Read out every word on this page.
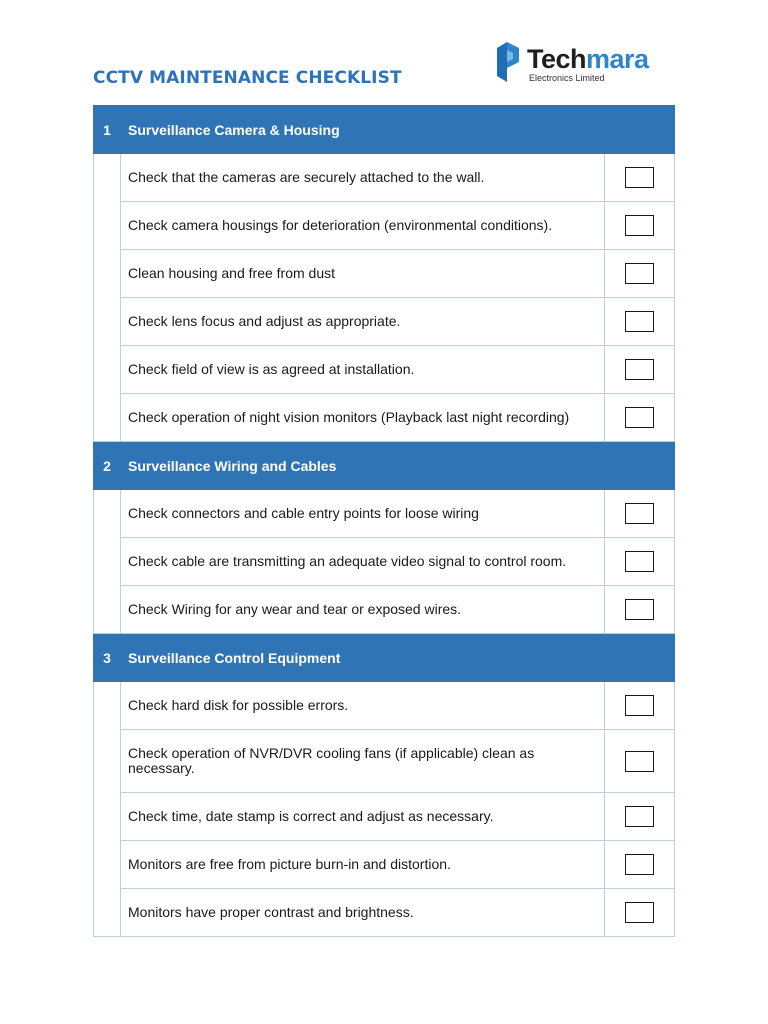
CCTV MAINTENANCE CHECKLIST
Techmara
Electronics Limited
1	Surveillance Camera & Housing	
	Check that the cameras are securely attached to the wall.	

	Check camera housings for deterioration (environmental conditions).	

	Clean housing and free from dust	

	Check lens focus and adjust as appropriate.	

	Check field of view is as agreed at installation.	

	Check operation of night vision monitors (Playback last night recording)	

2	Surveillance Wiring and Cables	
	Check connectors and cable entry points for loose wiring	

	Check cable are transmitting an adequate video signal to control room.	

	Check Wiring for any wear and tear or exposed wires.	

3	Surveillance Control Equipment	
	Check hard disk for possible errors.	

	Check operation of NVR/DVR cooling fans (if applicable) clean as necessary.	

	Check time, date stamp is correct and adjust as necessary.	

	Monitors are free from picture burn-in and distortion.	

	Monitors have proper contrast and brightness.	
